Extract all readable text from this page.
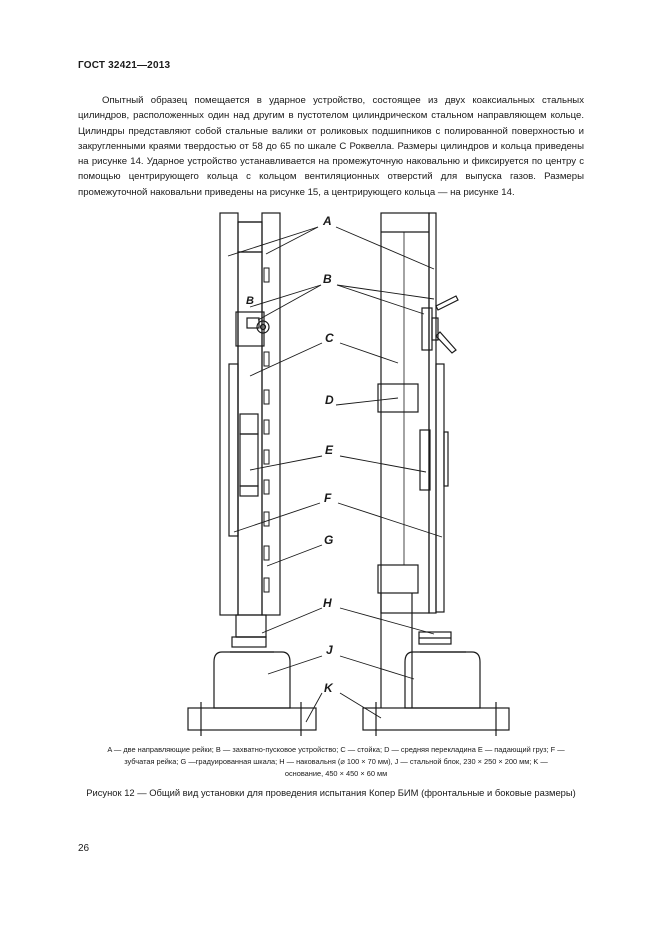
ГОСТ 32421—2013

Опытный образец помещается в ударное устройство, состоящее из двух коаксиальных стальных цилиндров, расположенных один над другим в пустотелом цилиндрическом стальном направляющем кольце. Цилиндры представляют собой стальные валики от роликовых подшипников с полированной поверхностью и закругленными краями твердостью от 58 до 65 по шкале С Роквелла. Размеры цилиндров и кольца приведены на рисунке 14. Ударное устройство устанавливается на промежуточную наковальню и фиксируется по центру с помощью центрирующего кольца с кольцом вентиляционных отверстий для выпуска газов. Размеры промежуточной наковальни приведены на рисунке 15, а центрирующего кольца — на рисунке 14.

A
B
C
D
E
F
G
H
J
K
B
A — две направляющие рейки; B — захватно-пусковое устройство; C — стойка; D — средняя перекладина E — падающий груз; F — зубчатая рейка; G —градуированная шкала; H — наковальня (⌀ 100 × 70 мм), J — стальной блок, 230 × 250 × 200 мм; K — основание, 450 × 450 × 60 мм
Рисунок 12 — Общий вид установки для проведения испытания Копер БИМ (фронтальные и боковые размеры)
26
